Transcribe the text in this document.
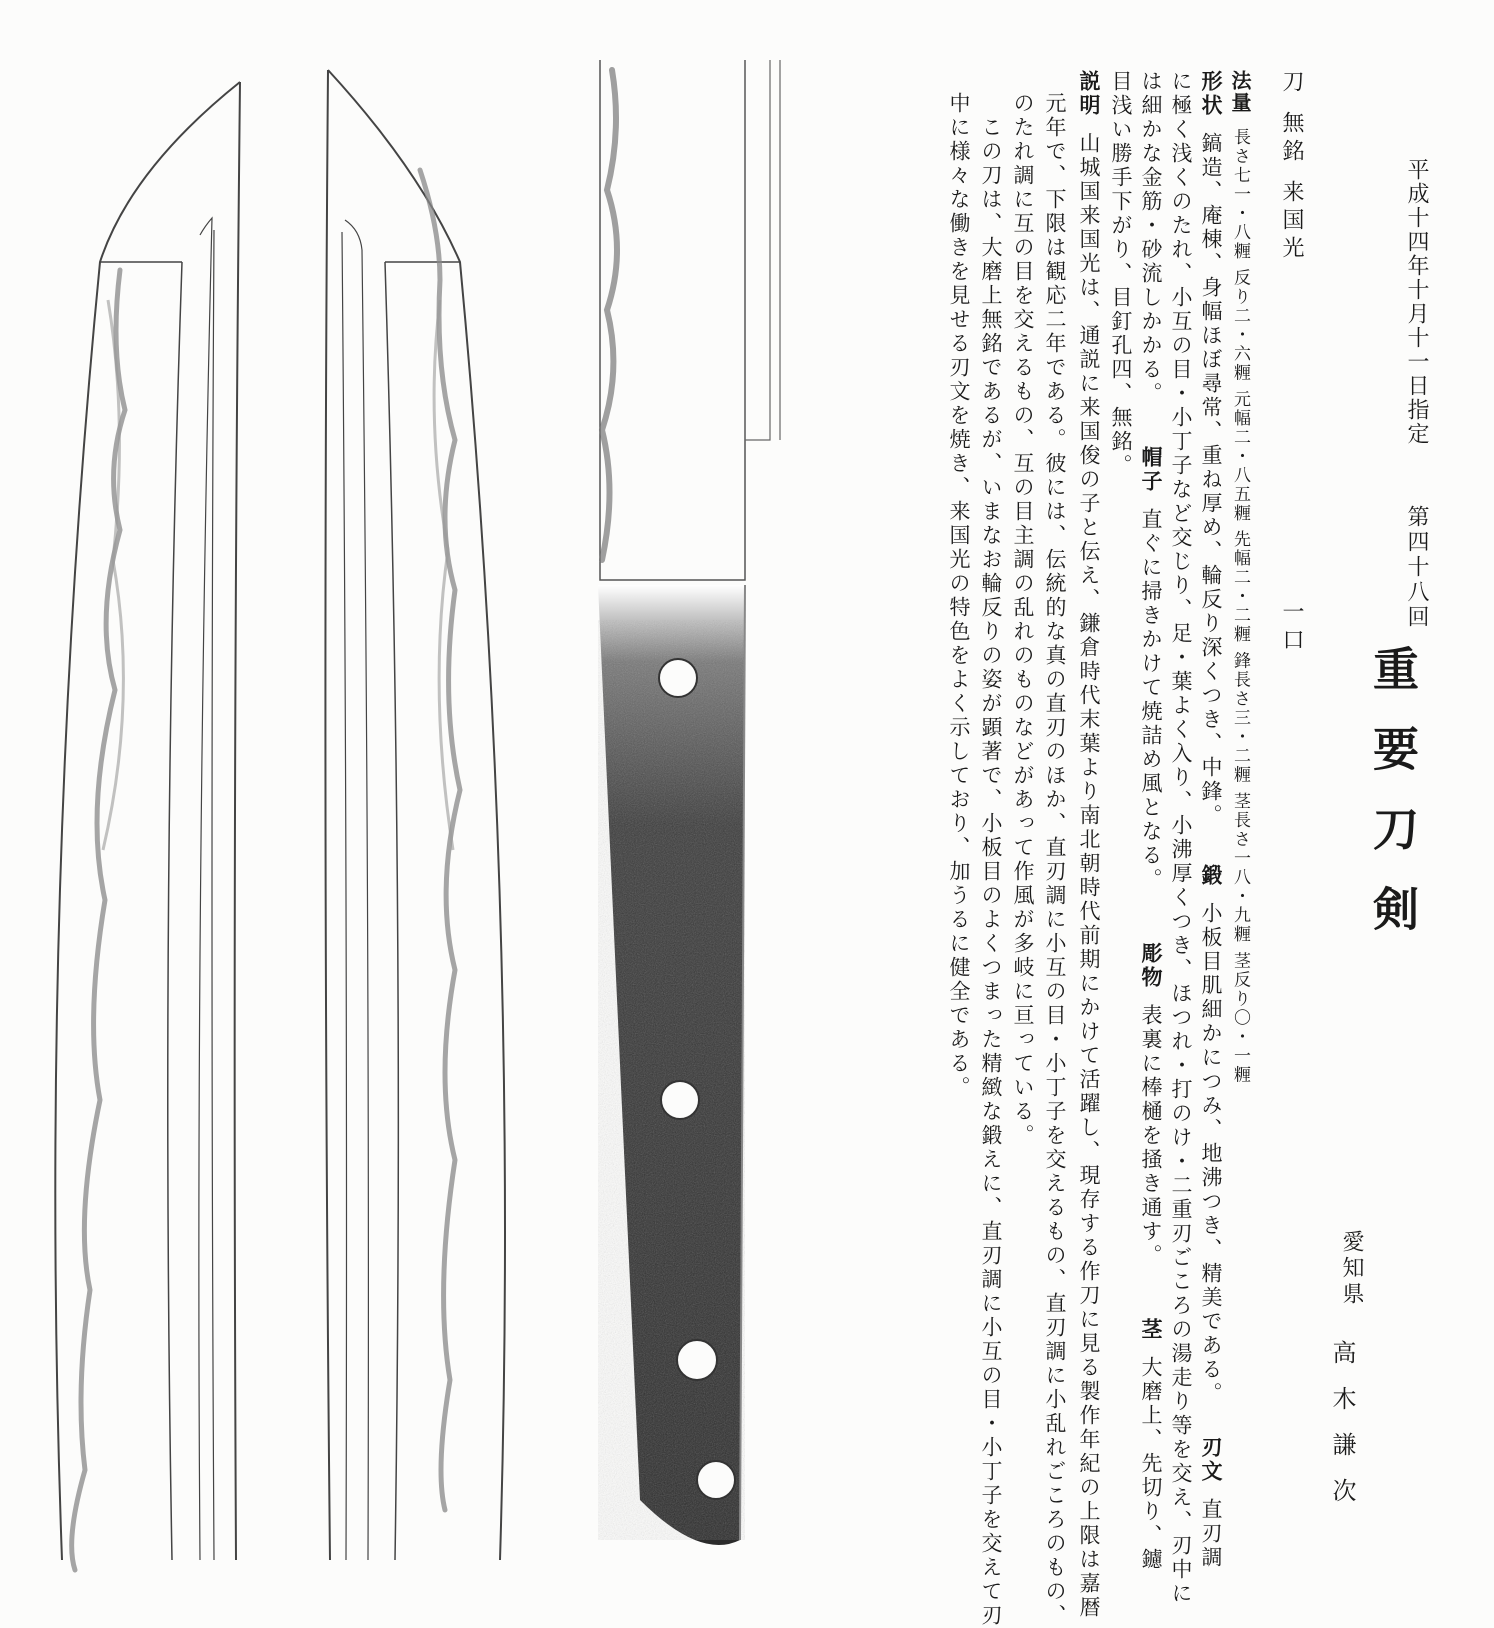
平成十四年十月十一日指定
第四十八回
重要刀剣
愛知県
高木謙次
刀 無銘 来国光
一口
法量長さ七一・八糎 反り二・六糎 元幅二・八五糎 先幅二・二糎 鋒長さ三・二糎 茎長さ一八・九糎 茎反り〇・一糎
形状鎬造、庵棟、身幅ほぼ尋常、重ね厚め、輪反り深くつき、中鋒。鍛小板目肌細かにつみ、地沸つき、精美である。刃文直刃調
に極く浅くのたれ、小互の目・小丁子など交じり、足・葉よく入り、小沸厚くつき、ほつれ・打のけ・二重刃ごころの湯走り等を交え、刃中に
は細かな金筋・砂流しかかる。帽子直ぐに掃きかけて焼詰め風となる。彫物表裏に棒樋を掻き通す。茎大磨上、先切り、鑢
目浅い勝手下がり、目釘孔四、無銘。
説明山城国来国光は、通説に来国俊の子と伝え、鎌倉時代末葉より南北朝時代前期にかけて活躍し、現存する作刀に見る製作年紀の上限は嘉暦
元年で、下限は観応二年である。彼には、伝統的な真の直刃のほか、直刃調に小互の目・小丁子を交えるもの、直刃調に小乱れごころのもの、
のたれ調に互の目を交えるもの、互の目主調の乱れのものなどがあって作風が多岐に亘っている。
この刀は、大磨上無銘であるが、いまなお輪反りの姿が顕著で、小板目のよくつまった精緻な鍛えに、直刃調に小互の目・小丁子を交えて刃
中に様々な働きを見せる刃文を焼き、来国光の特色をよく示しており、加うるに健全である。
